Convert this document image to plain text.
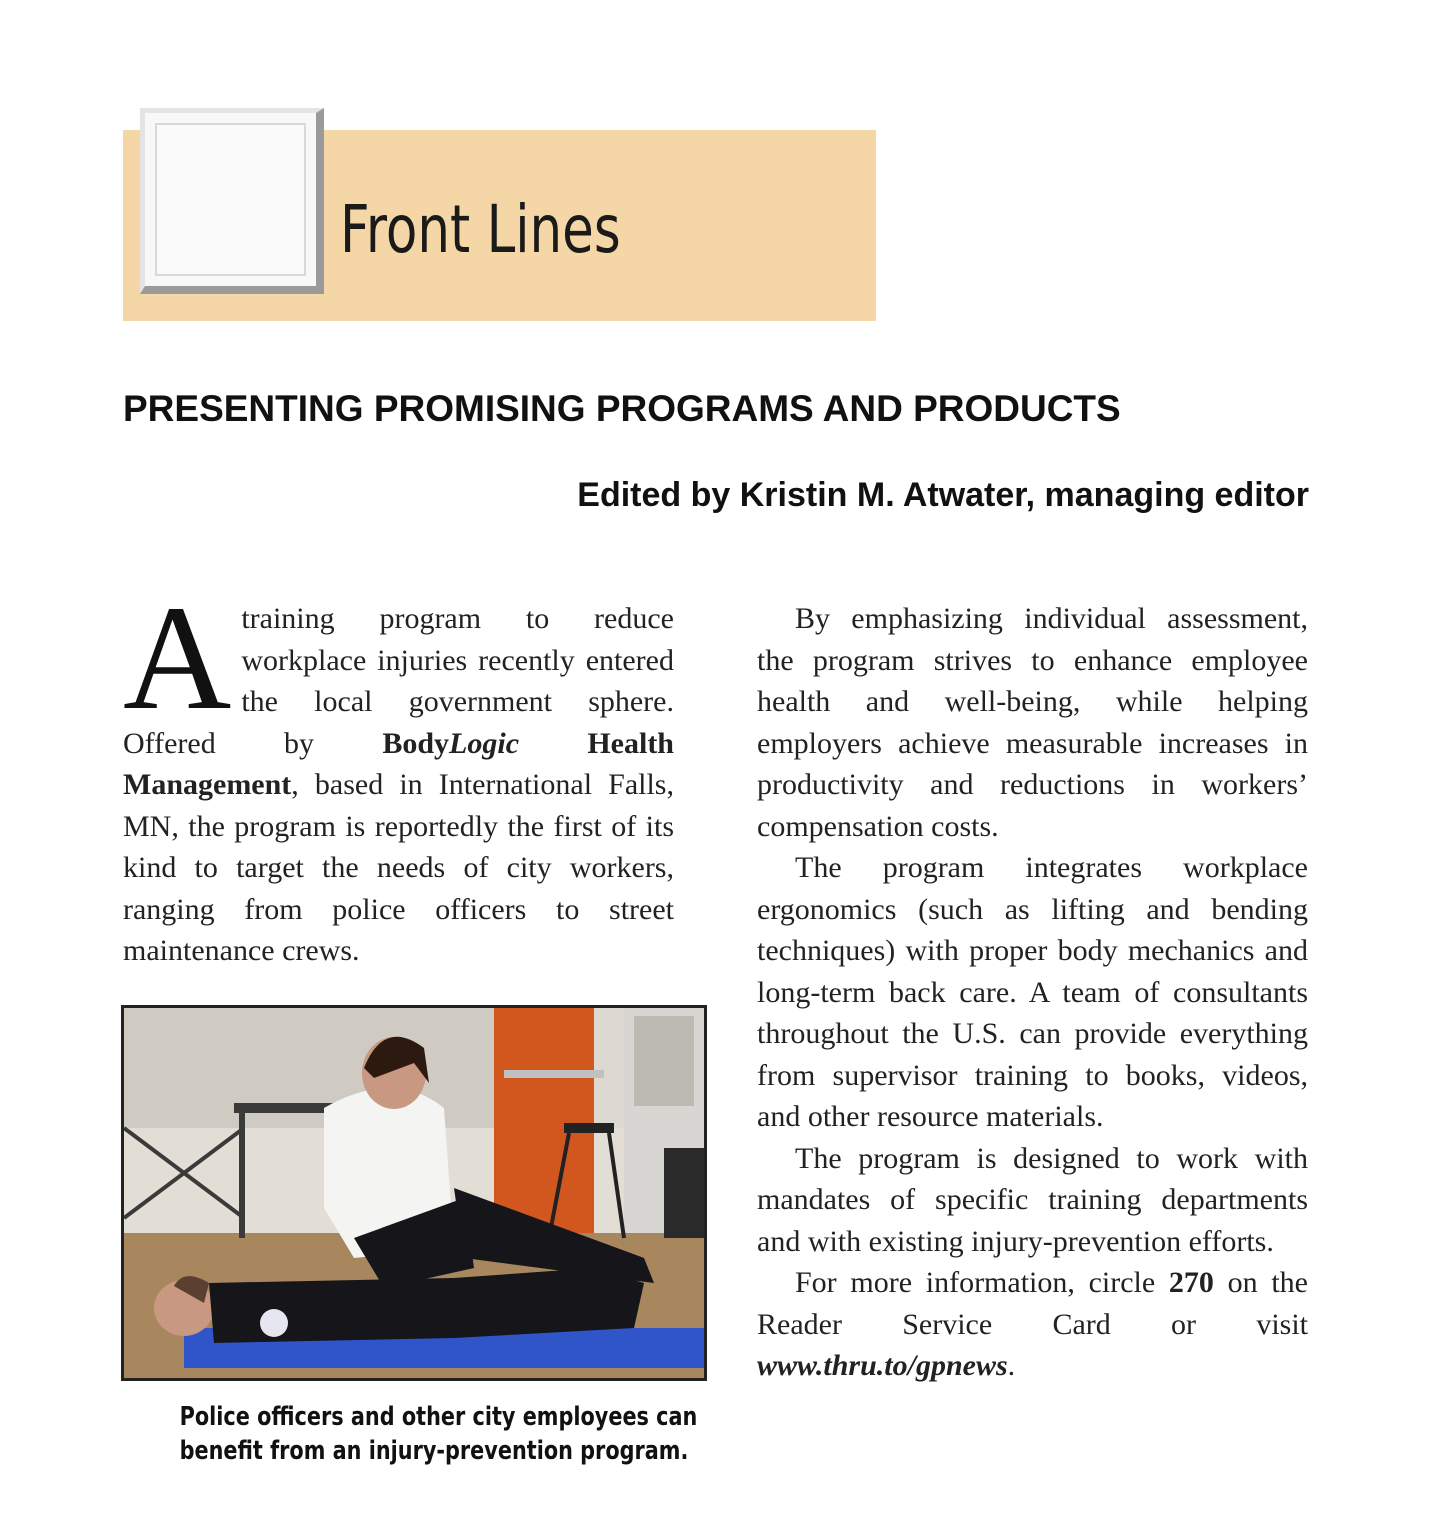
Front Lines
PRESENTING PROMISING PROGRAMS AND PRODUCTS
Edited by Kristin M. Atwater, managing editor

A training program to reduce workplace injuries recently entered the local government sphere. Offered by BodyLogic Health Management, based in International Falls, MN, the program is reportedly the first of its kind to target the needs of city workers, ranging from police officers to street maintenance crews.

Police officers and other city employees can
benefit from an injury-prevention program.

By emphasizing individual assessment, the program strives to enhance employee health and well-being, while helping employers achieve measurable increases in productivity and reductions in workers’ compensation costs.

The program integrates workplace ergonomics (such as lifting and bending techniques) with proper body mechanics and long-term back care. A team of consultants throughout the U.S. can provide everything from supervisor training to books, videos, and other resource materials.

The program is designed to work with mandates of specific training departments and with existing injury-prevention efforts.

For more information, circle 270 on the Reader Service Card or visit www.thru.to/gpnews.
